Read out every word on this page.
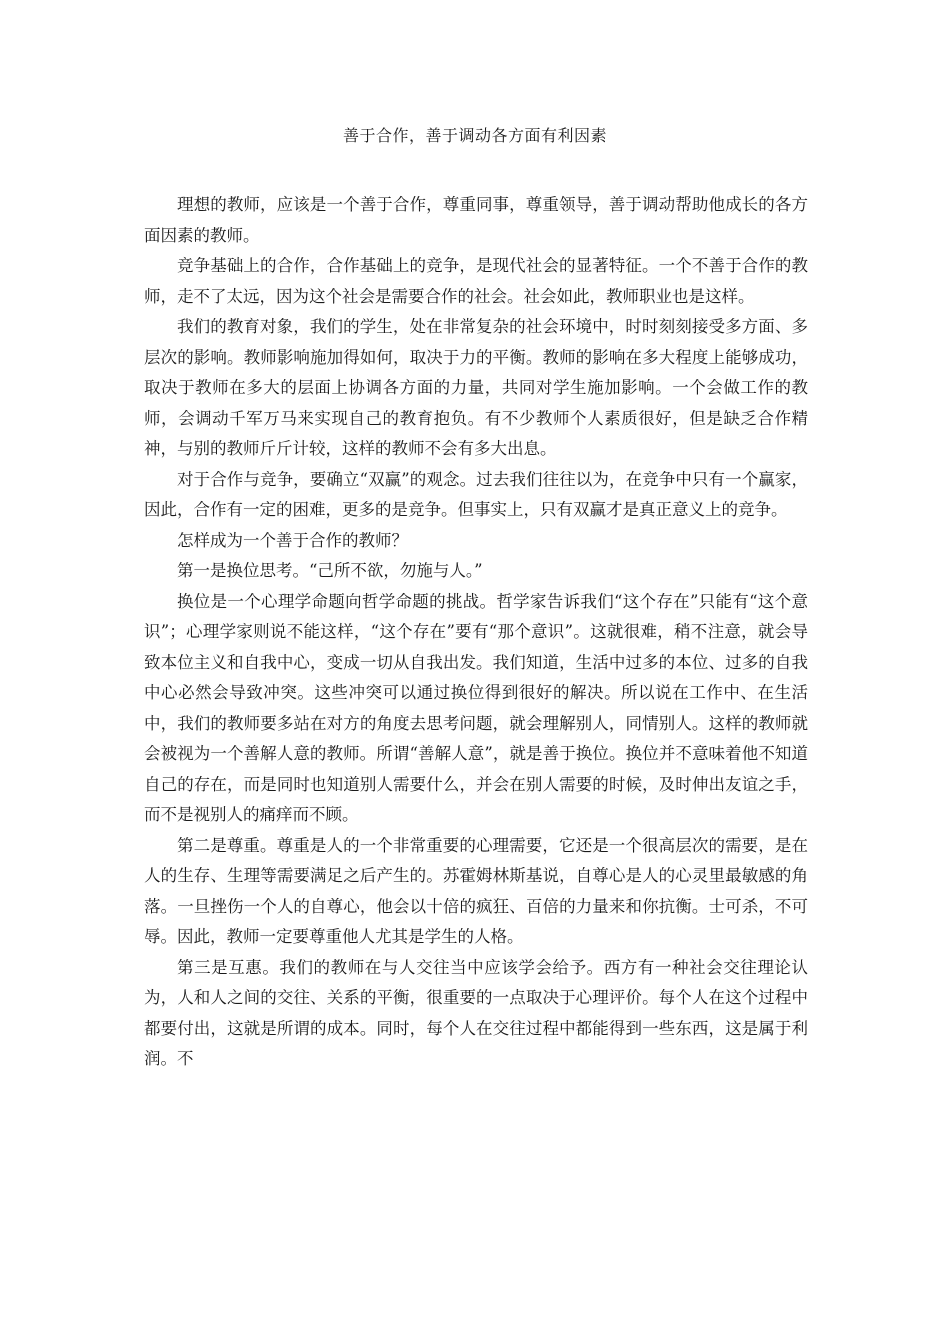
善于合作，善于调动各方面有利因素

理想的教师，应该是一个善于合作，尊重同事，尊重领导，善于调动帮助他成长的各方面因素的教师。

竞争基础上的合作，合作基础上的竞争，是现代社会的显著特征。一个不善于合作的教师，走不了太远，因为这个社会是需要合作的社会。社会如此，教师职业也是这样。

我们的教育对象，我们的学生，处在非常复杂的社会环境中，时时刻刻接受多方面、多层次的影响。教师影响施加得如何，取决于力的平衡。教师的影响在多大程度上能够成功，取决于教师在多大的层面上协调各方面的力量，共同对学生施加影响。一个会做工作的教师，会调动千军万马来实现自己的教育抱负。有不少教师个人素质很好，但是缺乏合作精神，与别的教师斤斤计较，这样的教师不会有多大出息。

对于合作与竞争，要确立“双赢”的观念。过去我们往往以为，在竞争中只有一个赢家，因此，合作有一定的困难，更多的是竞争。但事实上，只有双赢才是真正意义上的竞争。

怎样成为一个善于合作的教师？

第一是换位思考。“己所不欲，勿施与人。”

换位是一个心理学命题向哲学命题的挑战。哲学家告诉我们“这个存在”只能有“这个意识”；心理学家则说不能这样，“这个存在”要有“那个意识”。这就很难，稍不注意，就会导致本位主义和自我中心，变成一切从自我出发。我们知道，生活中过多的本位、过多的自我中心必然会导致冲突。这些冲突可以通过换位得到很好的解决。所以说在工作中、在生活中，我们的教师要多站在对方的角度去思考问题，就会理解别人，同情别人。这样的教师就会被视为一个善解人意的教师。所谓“善解人意”，就是善于换位。换位并不意味着他不知道自己的存在，而是同时也知道别人需要什么，并会在别人需要的时候，及时伸出友谊之手，而不是视别人的痛痒而不顾。

第二是尊重。尊重是人的一个非常重要的心理需要，它还是一个很高层次的需要，是在人的生存、生理等需要满足之后产生的。苏霍姆林斯基说，自尊心是人的心灵里最敏感的角落。一旦挫伤一个人的自尊心，他会以十倍的疯狂、百倍的力量来和你抗衡。士可杀，不可辱。因此，教师一定要尊重他人尤其是学生的人格。

第三是互惠。我们的教师在与人交往当中应该学会给予。西方有一种社会交往理论认为，人和人之间的交往、关系的平衡，很重要的一点取决于心理评价。每个人在这个过程中都要付出，这就是所谓的成本。同时，每个人在交往过程中都能得到一些东西，这是属于利润。不
